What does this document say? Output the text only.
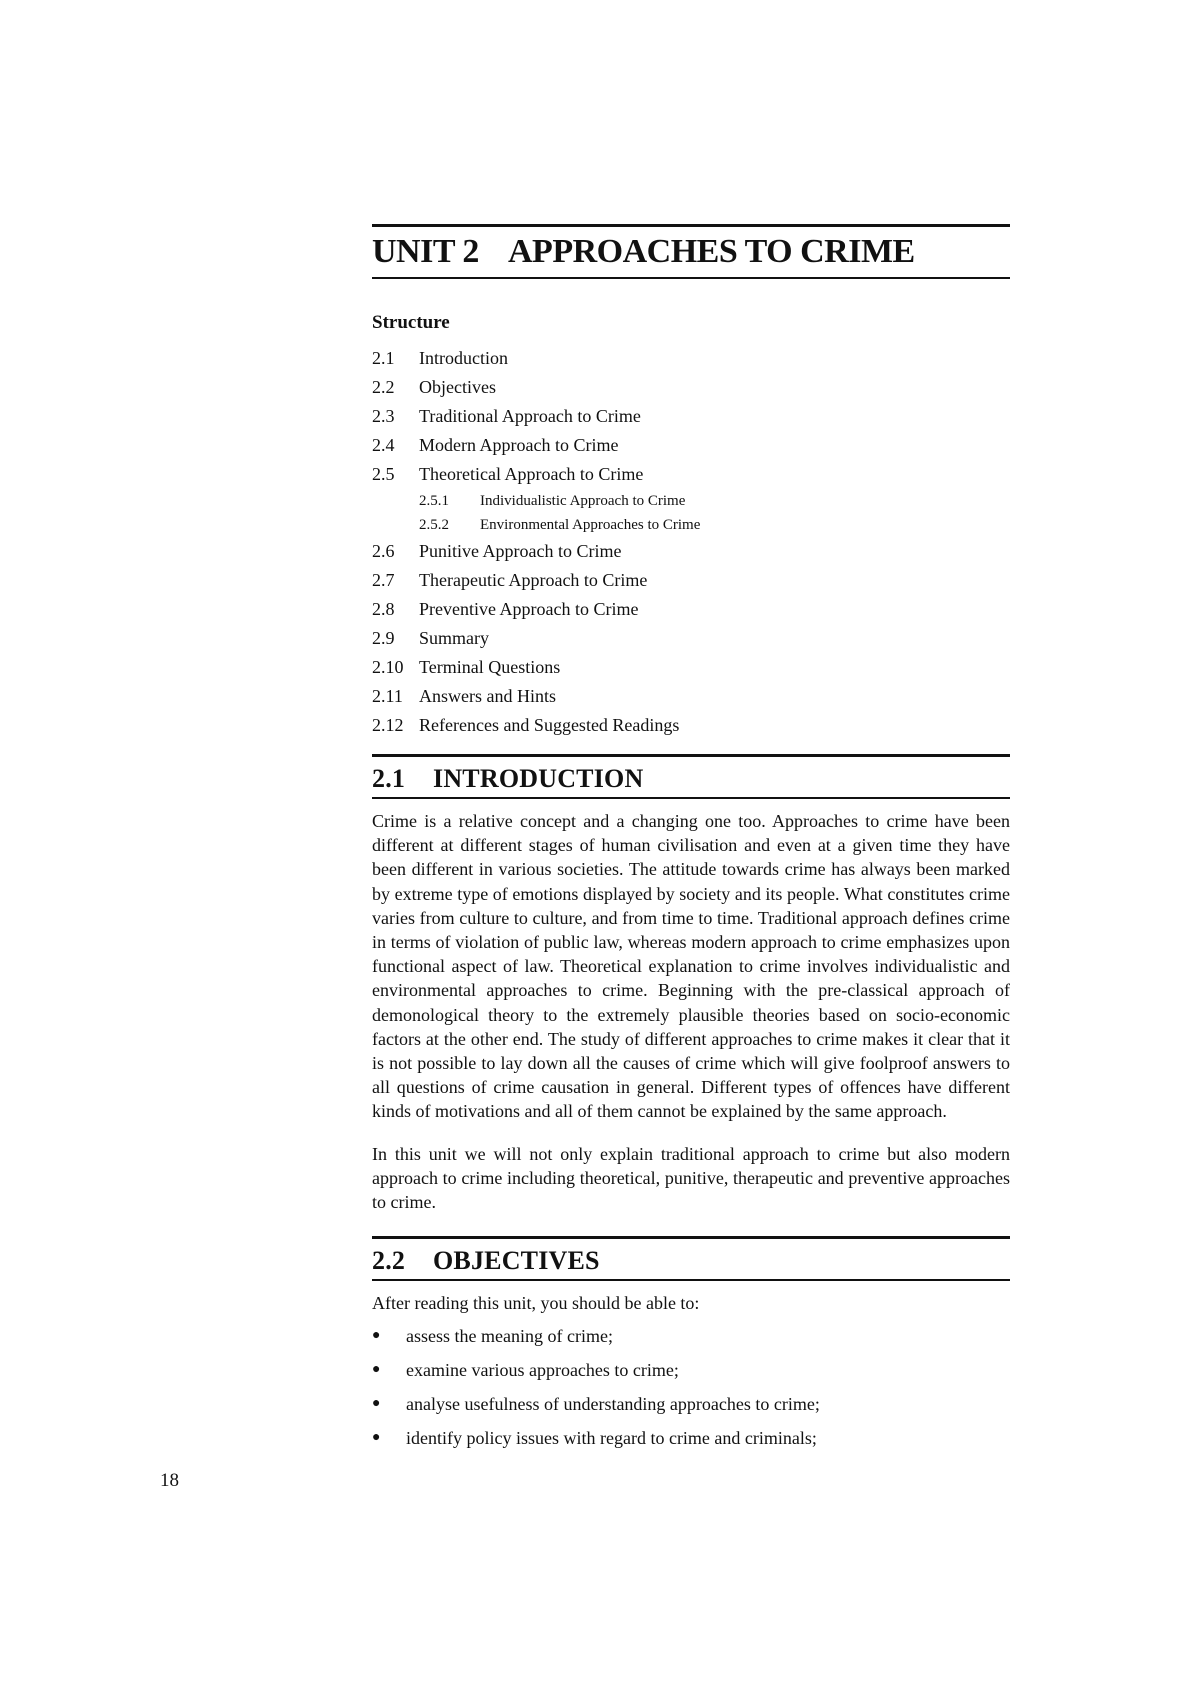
18
UNIT 2 APPROACHES TO CRIME
Structure
2.1	Introduction
2.2	Objectives
2.3	Traditional Approach to Crime
2.4	Modern Approach to Crime
2.5	Theoretical Approach to Crime
2.5.1	Individualistic Approach to Crime
2.5.2	Environmental Approaches to Crime
2.6	Punitive Approach to Crime
2.7	Therapeutic Approach to Crime
2.8	Preventive Approach to Crime
2.9	Summary
2.10 Terminal Questions
2.11 Answers and Hints
2.12 References and Suggested Readings
2.1	INTRODUCTION

Crime is a relative concept and a changing one too. Approaches to crime have been different at different stages of human civilisation and even at a given time they have been different in various societies. The attitude towards crime has always been marked by extreme type of emotions displayed by society and its people. What constitutes crime varies from culture to culture, and from time to time. Traditional approach defines crime in terms of violation of public law, whereas modern approach to crime emphasizes upon functional aspect of law. Theoretical explanation to crime involves individualistic and environmental approaches to crime. Beginning with the pre-classical approach of demonological theory to the extremely plausible theories based on socio-economic factors at the other end. The study of different approaches to crime makes it clear that it is not possible to lay down all the causes of crime which will give foolproof answers to all questions of crime causation in general. Different types of offences have different kinds of motivations and all of them cannot be explained by the same approach.

In this unit we will not only explain traditional approach to crime but also modern approach to crime including theoretical, punitive, therapeutic and preventive approaches to crime.

2.2	OBJECTIVES

After reading this unit, you should be able to:

●	assess the meaning of crime;
●	examine various approaches to crime;
●	analyse usefulness of understanding approaches to crime;
●	identify policy issues with regard to crime and criminals;
